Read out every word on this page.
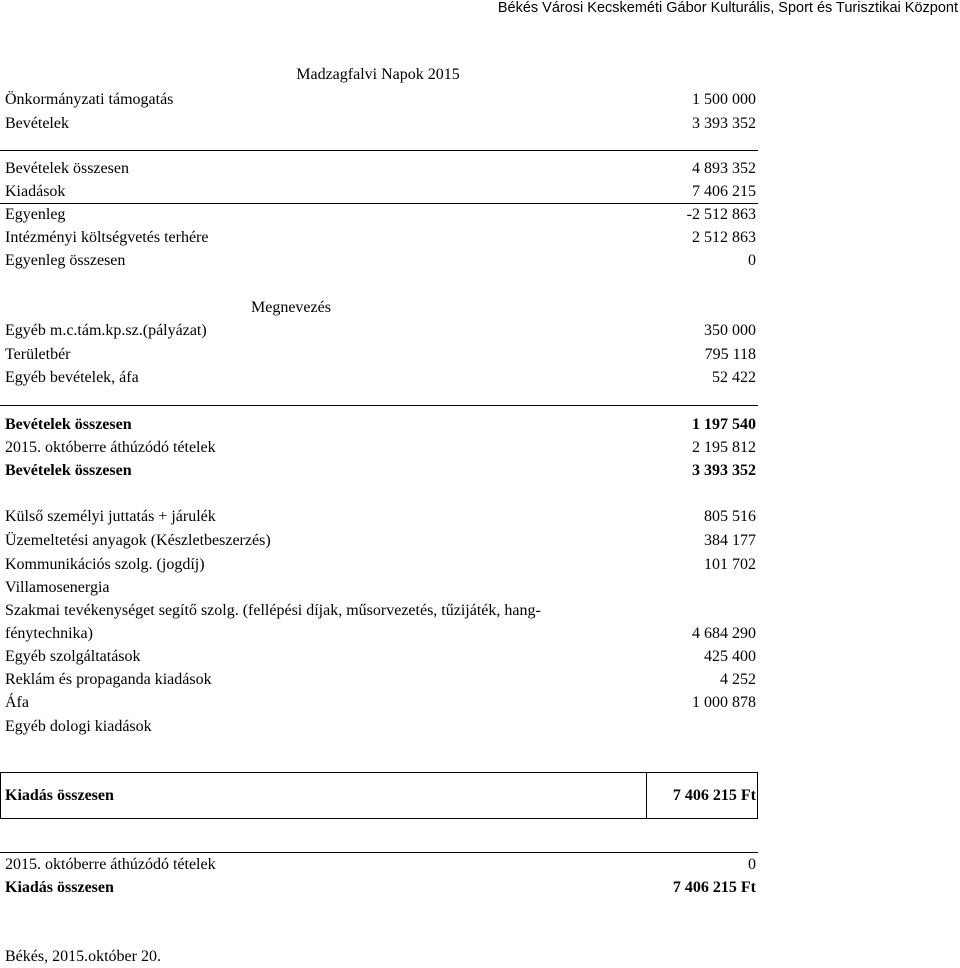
Békés Városi Kecskeméti Gábor Kulturális, Sport és Turisztikai Központ
Madzagfalvi Napok 2015
Önkormányzati támogatás	1 500 000
Bevételek	3 393 352
Bevételek összesen	4 893 352
Kiadások	7 406 215
Egyenleg	-2 512 863
Intézményi költségvetés terhére	2 512 863
Egyenleg összesen	0
Megnevezés
Egyéb m.c.tám.kp.sz.(pályázat)	350 000
Területbér	795 118
Egyéb bevételek, áfa	52 422
Bevételek összesen	1 197 540
2015. októberre áthúzódó tételek	2 195 812
Bevételek összesen	3 393 352
Külső személyi juttatás + járulék	805 516
Üzemeltetési anyagok (Készletbeszerzés)	384 177
Kommunikációs szolg. (jogdíj)	101 702
Villamosenergia
Szakmai tevékenységet segítő szolg. (fellépési díjak, műsorvezetés, tűzijáték, hang-
fénytechnika)	4 684 290
Egyéb szolgáltatások	425 400
Reklám és propaganda kiadások	4 252
Áfa	1 000 878
Egyéb dologi kiadások
Kiadás összesen	7 406 215 Ft
2015. októberre áthúzódó tételek	0
Kiadás összesen	7 406 215 Ft
Békés, 2015.október 20.
